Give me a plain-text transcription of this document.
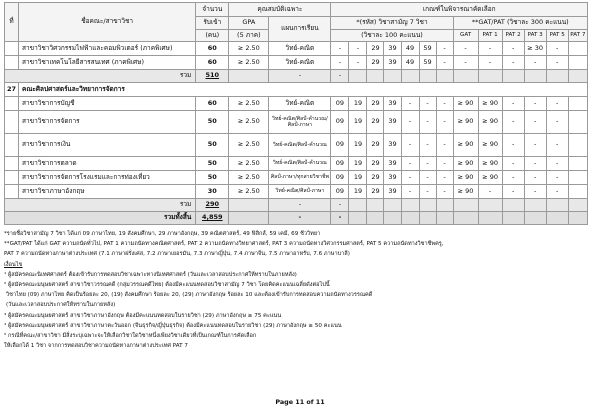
ที่	ชื่อคณะ/สาขาวิชา	จำนวน	คุณสมบัติเฉพาะ		เกณฑ์ในพิจารณาคัดเลือก												
		รับเข้า	GPA	แผนการเรียน	*(รหัส) วิชาสามัญ 7 วิชา							**GAT/PAT (วิชาละ 300 คะแนน)					
		(คน)	(5 ภาค)		(วิชาละ 100 คะแนน)							GAT	PAT 1	PAT 2	PAT 3	PAT 5	PAT 7
	สาขาวิชาวิศวกรรมไฟฟ้าและคอมพิวเตอร์ (ภาคพิเศษ)	60	≥ 2.50	วิทย์-คณิต	-	-	29	39	49	59	-	-	-	-	≥ 30	-	
	สาขาวิชาเทคโนโลยีสารสนเทศ (ภาคพิเศษ)	60	≥ 2.50	วิทย์-คณิต	-	-	29	39	49	59	-	-	-	-	-	-	
รวม		510		-	-												
27	คณะศิลปศาสตร์และวิทยาการจัดการ																
	สาขาวิชาการบัญชี	60	≥ 2.50	วิทย์-คณิต	09	19	29	39	-	-	-	≥ 90	≥ 90	-	-	-	
	สาขาวิชาการจัดการ	50	≥ 2.50	วิทย์-คณิต/ศิลป์-คำนวณ/
ศิลป์-ภาษา	09	19	29	39	-	-	-	≥ 90	≥ 90	-	-	-	
	สาขาวิชาการเงิน	50	≥ 2.50	วิทย์-คณิต/ศิลป์-คำนวณ	09	19	29	39	-	-	-	≥ 90	≥ 90	-	-	-	
	สาขาวิชาการตลาด	50	≥ 2.50	วิทย์-คณิต/ศิลป์-คำนวณ	09	19	29	39	-	-	-	≥ 90	≥ 90	-	-	-	
	สาขาวิชาการจัดการโรงแรมและการท่องเที่ยว	50	≥ 2.50	ศิลป์-ภาษา/ทุกสายวิชาชีพ	09	19	29	39	-	-	-	≥ 90	≥ 90	-	-	-	
	สาขาวิชาภาษาอังกฤษ	30	≥ 2.50	วิทย์-คณิต/ศิลป์-ภาษา	09	19	29	39	-	-	-	≥ 90	-	-	-	-	
รวม		290		-	-												
รวมทั้งสิ้น		4,859		-	-												
*รายชื่อวิชาสามัญ 7 วิชา ได้แก่ 09 ภาษาไทย, 19 สังคมศึกษา, 29 ภาษาอังกฤษ, 39 คณิตศาสตร์, 49 ฟิสิกส์, 59 เคมี, 69 ชีววิทยา
**GAT/PAT ได้แก่ GAT ความถนัดทั่วไป, PAT 1 ความถนัดทางคณิตศาสตร์, PAT 2 ความถนัดทางวิทยาศาสตร์, PAT 3 ความถนัดทางวิศวกรรมศาสตร์, PAT 5 ความถนัดทางวิชาชีพครู,
PAT 7 ความถนัดทางภาษาต่างประเทศ (7.1 ภาษาฝรั่งเศส, 7.2 ภาษาเยอรมัน, 7.3 ภาษาญี่ปุ่น, 7.4 ภาษาจีน, 7.5 ภาษาอาหรับ, 7.6 ภาษาบาลี)
เงื่อนไข
¹ ผู้สมัครคณะนิเทศศาสตร์ ต้องเข้ารับการทดสอบวิชาเฉพาะทางนิเทศศาสตร์ (วันและเวลาสอบประกาศให้ทราบในภายหลัง)
² ผู้สมัครคณะมนุษยศาสตร์ สาขาวิชาวรรณคดี (กลุ่มวรรณคดีไทย) ต้องมีคะแนนทดสอบวิชาสามัญ 7 วิชา โดยคิดคะแนนเฉลี่ยดังต่อไปนี้
วิชาไทย (09) ภาษาไทย คิดเป็นร้อยละ 20, (19) สังคมศึกษา ร้อยละ 20, (29) ภาษาอังกฤษ ร้อยละ 10 และต้องเข้ารับการทดสอบความถนัดทางวรรณคดี
(วันและเวลาสอบประกาศให้ทราบในภายหลัง)
³ ผู้สมัครคณะมนุษยศาสตร์ สาขาวิชาภาษาอังกฤษ ต้องมีคะแนนทดสอบในรายวิชา (29) ภาษาอังกฤษ ≥ 75 คะแนน
⁴ ผู้สมัครคณะมนุษยศาสตร์ สาขาวิชาภาษาตะวันออก (จีนธุรกิจ/ญี่ปุ่นธุรกิจ) ต้องมีคะแนนทดสอบในรายวิชา (29) ภาษาอังกฤษ ≥ 50 คะแนน
⁵ กรณีที่คณะ/สาขาวิชา มีสิ่งระบุเฉพาะจะให้เลือกวิชาใดวิชาหนึ่งเพียงวิชาเดียวที่เป็นเกณฑ์ในการคัดเลือก
ให้เลือกได้ 1 วิชา จากการทดสอบวิชาความถนัดทางภาษาต่างประเทศ PAT 7
Page 11 of 11
